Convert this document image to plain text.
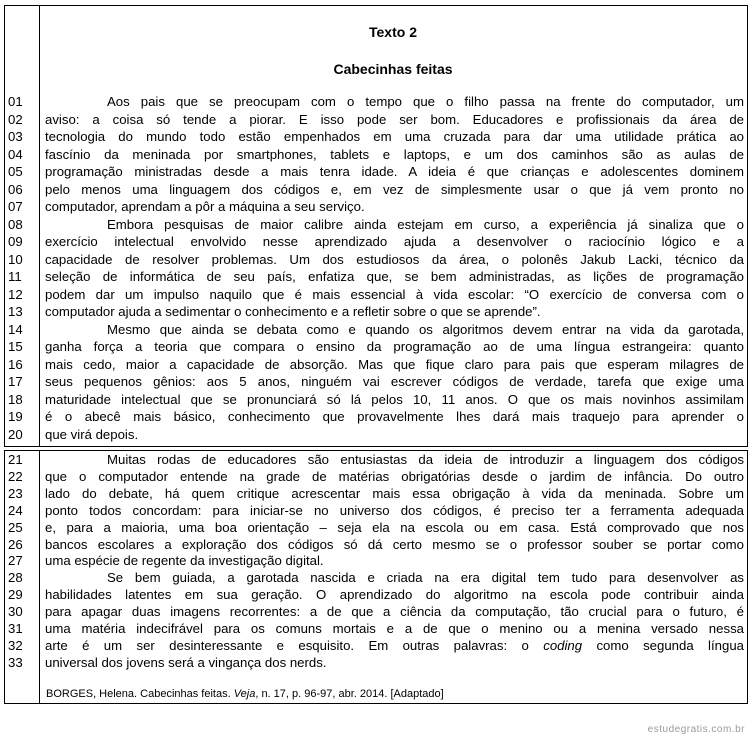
Texto 2
Cabecinhas feitas
01	Aos pais que se preocupam com o tempo que o filho passa na frente do computador, um
02	aviso: a coisa só tende a piorar. E isso pode ser bom. Educadores e profissionais da área de
03	tecnologia do mundo todo estão empenhados em uma cruzada para dar uma utilidade prática ao
04	fascínio da meninada por smartphones, tablets e laptops, e um dos caminhos são as aulas de
05	programação ministradas desde a mais tenra idade. A ideia é que crianças e adolescentes dominem
06	pelo menos uma linguagem dos códigos e, em vez de simplesmente usar o que já vem pronto no
07	computador, aprendam a pôr a máquina a seu serviço.
08	Embora pesquisas de maior calibre ainda estejam em curso, a experiência já sinaliza que o
09	exercício intelectual envolvido nesse aprendizado ajuda a desenvolver o raciocínio lógico e a
10	capacidade de resolver problemas. Um dos estudiosos da área, o polonês Jakub Lacki, técnico da
11	seleção de informática de seu país, enfatiza que, se bem administradas, as lições de programação
12	podem dar um impulso naquilo que é mais essencial à vida escolar: “O exercício de conversa com o
13	computador ajuda a sedimentar o conhecimento e a refletir sobre o que se aprende”.
14	Mesmo que ainda se debata como e quando os algoritmos devem entrar na vida da garotada,
15	ganha força a teoria que compara o ensino da programação ao de uma língua estrangeira: quanto
16	mais cedo, maior a capacidade de absorção. Mas que fique claro para pais que esperam milagres de
17	seus pequenos gênios: aos 5 anos, ninguém vai escrever códigos de verdade, tarefa que exige uma
18	maturidade intelectual que se pronunciará só lá pelos 10, 11 anos. O que os mais novinhos assimilam
19	é o abecê mais básico, conhecimento que provavelmente lhes dará mais traquejo para aprender o
20	que virá depois.
21	Muitas rodas de educadores são entusiastas da ideia de introduzir a linguagem dos códigos
22	que o computador entende na grade de matérias obrigatórias desde o jardim de infância. Do outro
23	lado do debate, há quem critique acrescentar mais essa obrigação à vida da meninada. Sobre um
24	ponto todos concordam: para iniciar-se no universo dos códigos, é preciso ter a ferramenta adequada
25	e, para a maioria, uma boa orientação – seja ela na escola ou em casa. Está comprovado que nos
26	bancos escolares a exploração dos códigos só dá certo mesmo se o professor souber se portar como
27	uma espécie de regente da investigação digital.
28	Se bem guiada, a garotada nascida e criada na era digital tem tudo para desenvolver as
29	habilidades latentes em sua geração. O aprendizado do algoritmo na escola pode contribuir ainda
30	para apagar duas imagens recorrentes: a de que a ciência da computação, tão crucial para o futuro, é
31	uma matéria indecifrável para os comuns mortais e a de que o menino ou a menina versado nessa
32	arte é um ser desinteressante e esquisito. Em outras palavras: o coding como segunda língua
33	universal dos jovens será a vingança dos nerds.
BORGES, Helena. Cabecinhas feitas. Veja, n. 17, p. 96-97, abr. 2014. [Adaptado]
estudegratis.com.br
